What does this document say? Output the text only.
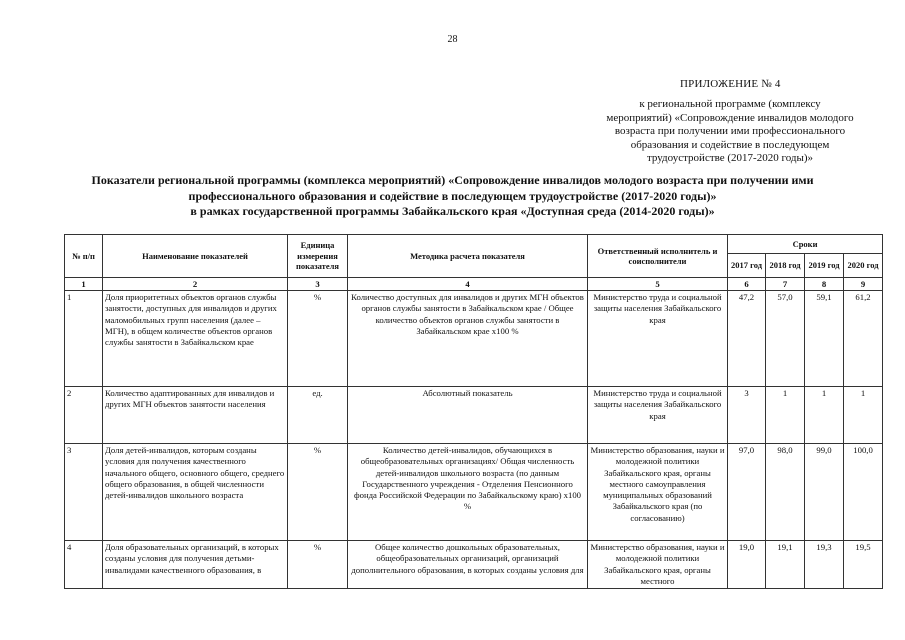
28
ПРИЛОЖЕНИЕ № 4
к региональной программе (комплексу
мероприятий) «Сопровождение инвалидов молодого
возраста при получении ими профессионального
образования и содействие в последующем
трудоустройстве (2017-2020 годы)»
Показатели региональной программы (комплекса мероприятий) «Сопровождение инвалидов молодого возраста при получении ими
профессионального образования и содействие в последующем трудоустройстве (2017-2020 годы)»
в рамках государственной программы Забайкальского края «Доступная среда (2014-2020 годы)»
№ п/п	Наименование показателей	Единица измерения показателя	Методика расчета показателя	Ответственный исполнитель и соисполнители	Сроки			
					2017 год	2018 год	2019 год	2020 год
1	2	3	4	5	6	7	8	9
1	Доля приоритетных объектов органов службы занятости, доступных для инвалидов и других маломобильных групп населения (далее – МГН), в общем количестве объектов органов службы занятости в Забайкальском крае	%	Количество доступных для инвалидов и других МГН объектов органов службы занятости в Забайкальском крае / Общее количество объектов органов службы занятости в Забайкальском крае х100 %	Министерство труда и социальной защиты населения Забайкальского края	47,2	57,0	59,1	61,2
2	Количество адаптированных для инвалидов и других МГН объектов занятости населения	ед.	Абсолютный показатель	Министерство труда и социальной защиты населения Забайкальского края	3	1	1	1
3	Доля детей-инвалидов, которым созданы условия для получения качественного начального общего, основного общего, среднего общего образования, в общей численности детей-инвалидов школьного возраста	%	Количество детей-инвалидов, обучающихся в общеобразовательных организациях/ Общая численность детей-инвалидов школьного возраста (по данным Государственного учреждения - Отделения Пенсионного фонда Российской Федерации по Забайкальскому краю) х100 %	Министерство образования, науки и молодежной политики Забайкальского края, органы местного самоуправления муниципальных образований Забайкальского края (по согласованию)	97,0	98,0	99,0	100,0
4	Доля образовательных организаций, в которых созданы условия для получения детьми-инвалидами качественного образования, в	%	Общее количество дошкольных образовательных, общеобразовательных организаций, организаций дополнительного образования, в которых созданы условия для	Министерство образования, науки и молодежной политики Забайкальского края, органы местного	19,0	19,1	19,3	19,5
